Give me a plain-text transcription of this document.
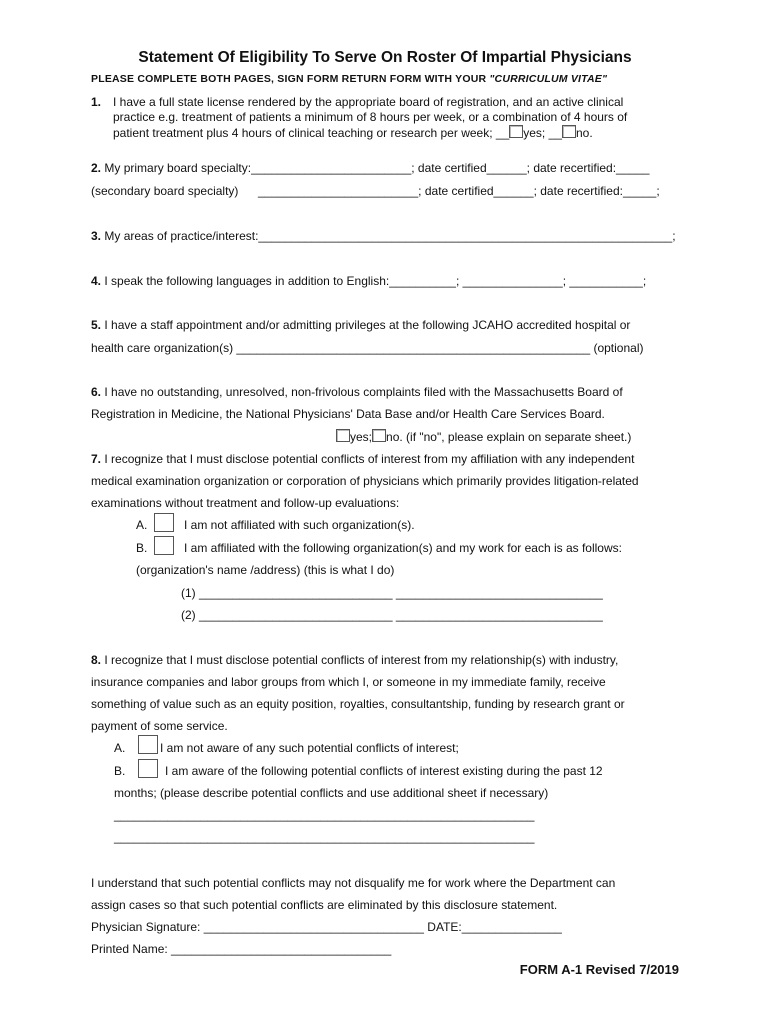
Statement Of Eligibility To Serve On Roster Of Impartial Physicians
PLEASE COMPLETE BOTH PAGES, SIGN FORM RETURN FORM WITH YOUR "CURRICULUM VITAE"
1. I have a full state license rendered by the appropriate board of registration, and an active clinical
practice e.g. treatment of patients a minimum of 8 hours per week, or a combination of 4 hours of
patient treatment plus 4 hours of clinical teaching or research per week; __ yes; __ no.
2. My primary board specialty:________________________; date certified______; date recertified:_____
(secondary board specialty) ________________________; date certified______; date recertified:_____;
3. My areas of practice/interest:______________________________________________________________;
4. I speak the following languages in addition to English:__________; _______________; ___________;
5. I have a staff appointment and/or admitting privileges at the following JCAHO accredited hospital or
health care organization(s) _____________________________________________________ (optional)
6. I have no outstanding, unresolved, non-frivolous complaints filed with the Massachusetts Board of
Registration in Medicine, the National Physicians' Data Base and/or Health Care Services Board.
yes; no. (if "no", please explain on separate sheet.)
7. I recognize that I must disclose potential conflicts of interest from my affiliation with any independent
medical examination organization or corporation of physicians which primarily provides litigation-related
examinations without treatment and follow-up evaluations:
A.	I am not affiliated with such organization(s).
B.	I am affiliated with the following organization(s) and my work for each is as follows:
(organization's name /address) (this is what I do)
(1) _____________________________ _______________________________
(2) _____________________________ _______________________________
8. I recognize that I must disclose potential conflicts of interest from my relationship(s) with industry,
insurance companies and labor groups from which I, or someone in my immediate family, receive
something of value such as an equity position, royalties, consultantship, funding by research grant or
payment of some service.
A.	I am not aware of any such potential conflicts of interest;
B.	I am aware of the following potential conflicts of interest existing during the past 12
months; (please describe potential conflicts and use additional sheet if necessary)
_______________________________________________________________
_______________________________________________________________
I understand that such potential conflicts may not disqualify me for work where the Department can
assign cases so that such potential conflicts are eliminated by this disclosure statement.
Physician Signature: _________________________________ DATE:_______________
Printed Name: _________________________________
FORM A-1 Revised 7/2019
